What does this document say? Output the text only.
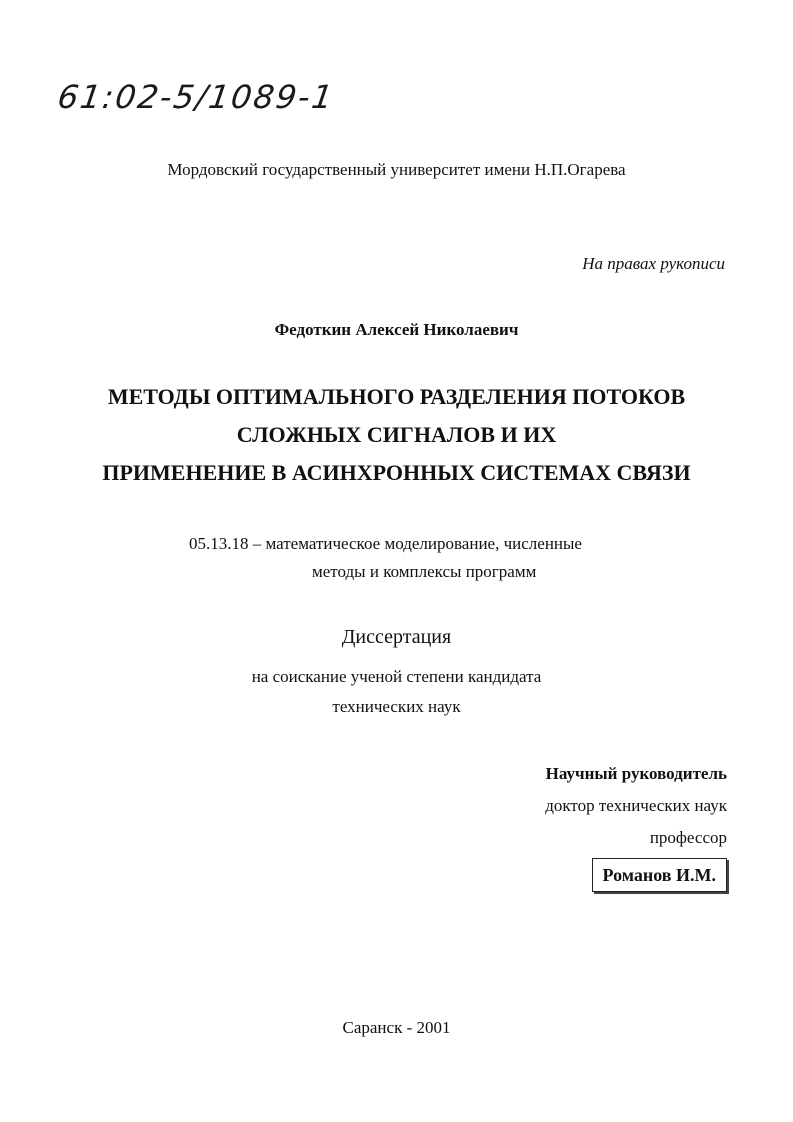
61:02-5/1089-1
Мордовский государственный университет имени Н.П.Огарева
На правах рукописи
Федоткин Алексей Николаевич
МЕТОДЫ ОПТИМАЛЬНОГО РАЗДЕЛЕНИЯ ПОТОКОВ
СЛОЖНЫХ СИГНАЛОВ И ИХ
ПРИМЕНЕНИЕ В АСИНХРОННЫХ СИСТЕМАХ СВЯЗИ
05.13.18 – математическое моделирование, численные
методы и комплексы программ
Диссертация
на соискание ученой степени кандидата
технических наук
Научный руководитель
доктор технических наук
профессор
Романов И.М.
Саранск - 2001
